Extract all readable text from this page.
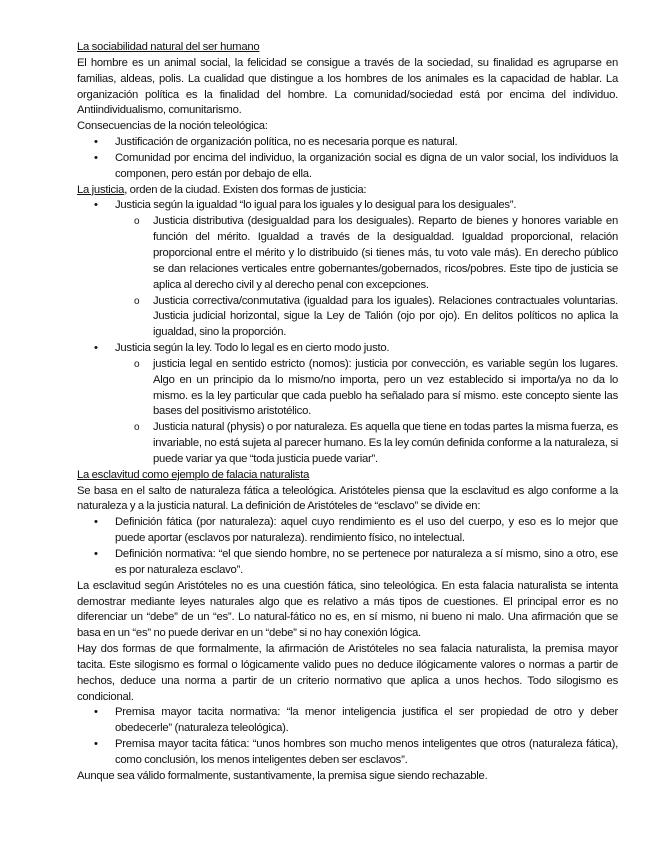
La sociabilidad natural del ser humano

El hombre es un animal social, la felicidad se consigue a través de la sociedad, su finalidad es agruparse en familias, aldeas, polis. La cualidad que distingue a los hombres de los animales es la capacidad de hablar. La organización política es la finalidad del hombre. La comunidad/sociedad está por encima del individuo. Antiindividualismo, comunitarismo.

Consecuencias de la noción teleológica:

• Justificación de organización política, no es necesaria porque es natural.
• Comunidad por encima del individuo, la organización social es digna de un valor social, los individuos la componen, pero están por debajo de ella.

La justicia, orden de la ciudad. Existen dos formas de justicia:

• Justicia según la igualdad “lo igual para los iguales y lo desigual para los desiguales”.
o Justicia distributiva (desigualdad para los desiguales). Reparto de bienes y honores variable en función del mérito. Igualdad a través de la desigualdad. Igualdad proporcional, relación proporcional entre el mérito y lo distribuido (si tienes más, tu voto vale más). En derecho público se dan relaciones verticales entre gobernantes/gobernados, ricos/pobres. Este tipo de justicia se aplica al derecho civil y al derecho penal con excepciones.
o Justicia correctiva/conmutativa (igualdad para los iguales). Relaciones contractuales voluntarias. Justicia judicial horizontal, sigue la Ley de Talión (ojo por ojo). En delitos políticos no aplica la igualdad, sino la proporción.
• Justicia según la ley. Todo lo legal es en cierto modo justo.
o justicia legal en sentido estricto (nomos): justicia por convección, es variable según los lugares. Algo en un principio da lo mismo/no importa, pero un vez establecido si importa/ya no da lo mismo. es la ley particular que cada pueblo ha señalado para sí mismo. este concepto siente las bases del positivismo aristotélico.
o Justicia natural (physis) o por naturaleza. Es aquella que tiene en todas partes la misma fuerza, es invariable, no está sujeta al parecer humano. Es la ley común definida conforme a la naturaleza, si puede variar ya que “toda justicia puede variar”.

La esclavitud como ejemplo de falacia naturalista

Se basa en el salto de naturaleza fática a teleológica. Aristóteles piensa que la esclavitud es algo conforme a la naturaleza y a la justicia natural. La definición de Aristóteles de “esclavo” se divide en:

• Definición fática (por naturaleza): aquel cuyo rendimiento es el uso del cuerpo, y eso es lo mejor que puede aportar (esclavos por naturaleza). rendimiento físico, no intelectual.
• Definición normativa: “el que siendo hombre, no se pertenece por naturaleza a sí mismo, sino a otro, ese es por naturaleza esclavo”.

La esclavitud según Aristóteles no es una cuestión fática, sino teleológica. En esta falacia naturalista se intenta demostrar mediante leyes naturales algo que es relativo a más tipos de cuestiones. El principal error es no diferenciar un “debe” de un “es”. Lo natural-fático no es, en sí mismo, ni bueno ni malo. Una afirmación que se basa en un “es” no puede derivar en un “debe” si no hay conexión lógica.

Hay dos formas de que formalmente, la afirmación de Aristóteles no sea falacia naturalista, la premisa mayor tacita. Este silogismo es formal o lógicamente valido pues no deduce ilógicamente valores o normas a partir de hechos, deduce una norma a partir de un criterio normativo que aplica a unos hechos. Todo silogismo es condicional.

• Premisa mayor tacita normativa: “la menor inteligencia justifica el ser propiedad de otro y deber obedecerle” (naturaleza teleológica).
• Premisa mayor tacita fática: “unos hombres son mucho menos inteligentes que otros (naturaleza fática), como conclusión, los menos inteligentes deben ser esclavos”.

Aunque sea válido formalmente, sustantivamente, la premisa sigue siendo rechazable.
